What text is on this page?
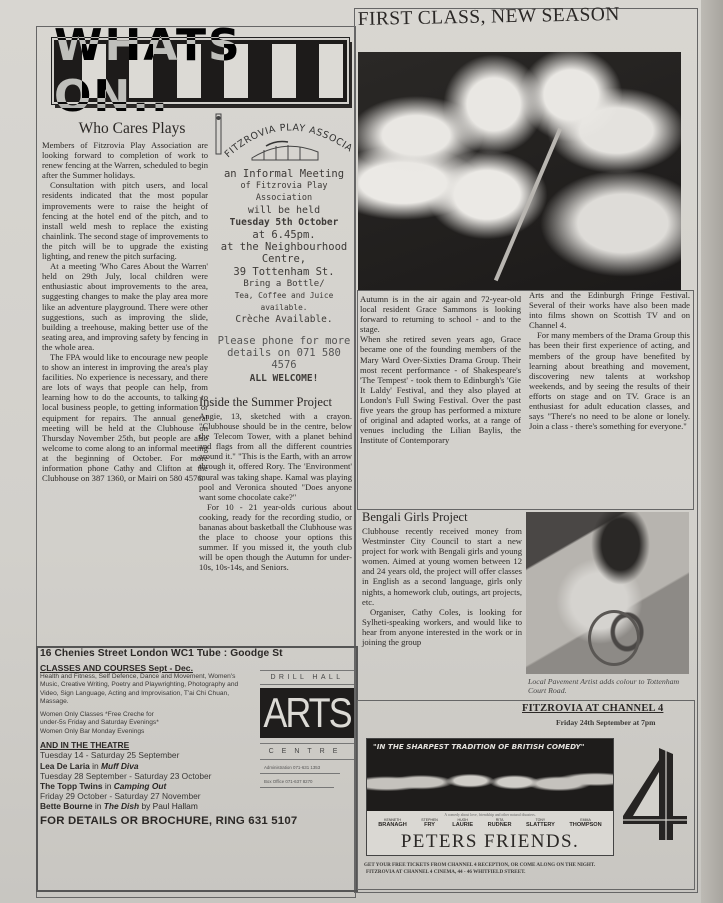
WHATS ON..
Who Cares Plays

Members of Fitzrovia Play Association are looking forward to completion of work to renew fencing at the Warren, scheduled to begin after the Summer holidays.

Consultation with pitch users, and local residents indicated that the most popular improvements were to raise the height of fencing at the hotel end of the pitch, and to install weld mesh to replace the existing chainlink. The second stage of improvements to the pitch will be to upgrade the existing lighting, and renew the pitch surfacing.

At a meeting 'Who Cares About the Warren' held on 29th July, local children were enthusiastic about improvements to the area, suggesting changes to make the play area more like an adventure playground. There were other suggestions, such as improving the slide, building a treehouse, making better use of the seating area, and improving safety by fencing in the whole area.

The FPA would like to encourage new people to show an interest in improving the area's play facilities. No experience is necessary, and there are lots of ways that people can help, from learning how to do the accounts, to talking to local business people, to getting information or equipment for repairs. The annual general meeting will be held at the Clubhouse on Thursday November 25th, but people are also welcome to come along to an informal meeting at the beginning of October. For more information phone Cathy and Clifton at the Clubhouse on 387 1360, or Mairi on 580 4576.

FITZROVIA PLAY ASSOCIA
an Informal Meeting
of Fitzrovia Play Association
will be held
Tuesday 5th October
at 6.45pm.
at the Neighbourhood
Centre,
39 Tottenham St.
Bring a Bottle/
Tea, Coffee and Juice available.
Crèche Available.
Please phone for more
details on 071 580 4576
ALL WELCOME!
Inside the Summer Project

Angie, 13, sketched with a crayon. "Clubhouse should be in the centre, below the Telecom Tower, with a planet behind and flags from all the different countries around it." "This is the Earth, with an arrow through it, offered Rory. The 'Environment' mural was taking shape. Kamal was playing pool and Veronica shouted "Does anyone want some chocolate cake?"

For 10 - 21 year-olds curious about cooking, ready for the recording studio, or bananas about basketball the Clubhouse was the place to choose your options this summer. If you missed it, the youth club will be open though the Autumn for under-10s, 10s-14s, and Seniors.

16 Chenies Street London WC1 Tube : Goodge St
CLASSES AND COURSES Sept - Dec.
Health and Fitness, Self Defence, Dance and Movement, Women's Music, Creative Writing, Poetry and Playwrighting, Photography and Video, Sign Language, Acting and Improvisation, T'ai Chi Chuan, Massage.
Women Only Classes *Free Creche for
under-5s Friday and Saturday Evenings*
Women Only Bar Monday Evenings
AND IN THE THEATRE
Tuesday 14 - Saturday 25 September
Lea De Laria in Muff Diva
Tuesday 28 September - Saturday 23 October
The Topp Twins in Camping Out
Friday 29 October - Saturday 27 November
Bette Bourne in The Dish by Paul Hallam
FOR DETAILS OR BROCHURE, RING 631 5107
DRILL HALL
ARTS
CENTRE
Administration 071-631 1353
Box Office 071-637 8270
FIRST CLASS, NEW SEASON

Autumn is in the air again and 72-year-old local resident Grace Sammons is looking forward to returning to school - and to the stage.

When she retired seven years ago, Grace became one of the founding members of the Mary Ward Over-Sixties Drama Group. Their most recent performance - of Shakespeare's 'The Tempest' - took them to Edinburgh's 'Gie It Laldy' Festival, and they also played at London's Full Swing Festival. Over the past five years the group has performed a mixture of original and adapted works, at a range of venues including the Lilian Baylis, the Institute of Contemporary

Arts and the Edinburgh Fringe Festival. Several of their works have also been made into films shown on Scottish TV and on Channel 4.

For many members of the Drama Group this has been their first experience of acting, and members of the group have benefited by learning about breathing and movement, discovering new talents at workshop weekends, and by seeing the results of their efforts on stage and on TV. Grace is an enthusiast for adult education classes, and says "There's no need to be alone or lonely. Join a class - there's something for everyone."

Bengali Girls Project

Clubhouse recently received money from Westminster City Council to start a new project for work with Bengali girls and young women. Aimed at young women between 12 and 24 years old, the project will offer classes in English as a second language, girls only nights, a homework club, outings, art projects, etc.

Organiser, Cathy Coles, is looking for Sylheti-speaking workers, and would like to hear from anyone interested in the work or in joining the group

Local Pavement Artist adds colour to Tottenham Court Road.
FITZROVIA AT CHANNEL 4
Friday 24th September at 7pm
"IN THE SHARPEST TRADITION OF BRITISH COMEDY"
A comedy about love, friendship and other natural disasters.
KENNETH
BRANAGH
STEPHEN
FRY
HUGH
LAURIE
RITA
RUDNER
TONY
SLATTERY
EMMA
THOMPSON
PETERS FRIENDS.
4
GET YOUR FREE TICKETS FROM CHANNEL 4 RECEPTION, OR COME ALONG ON THE NIGHT.
FITZROVIA AT CHANNEL 4 CINEMA, 44 - 46 WHITFIELD STREET.
